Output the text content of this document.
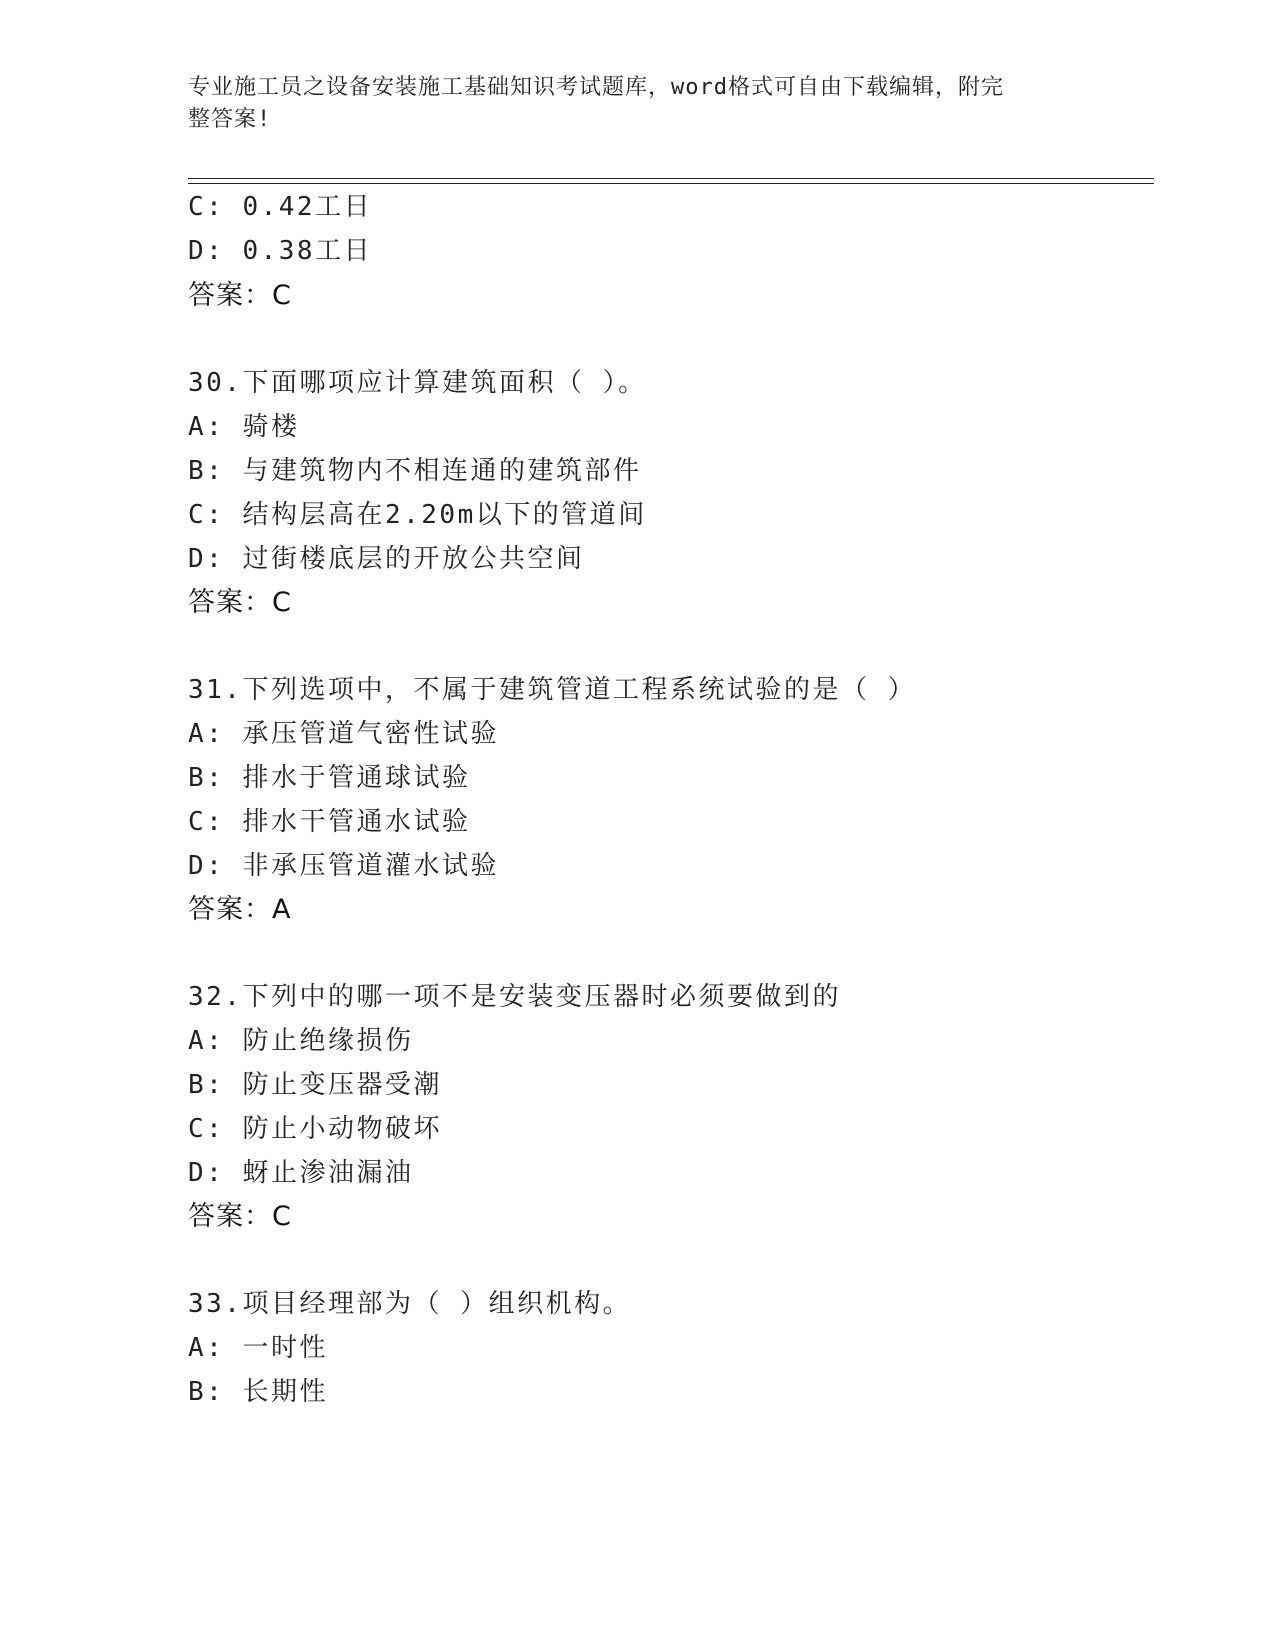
专业施工员之设备安装施工基础知识考试题库，word格式可自由下载编辑，附完
整答案!
C: 0.42工日
D: 0.38工日
答案：C
30.下面哪项应计算建筑面积（ ）。
A: 骑楼
B: 与建筑物内不相连通的建筑部件
C: 结构层高在2.20m以下的管道间
D: 过街楼底层的开放公共空间
答案：C
31.下列选项中，不属于建筑管道工程系统试验的是（ ）
A: 承压管道气密性试验
B: 排水于管通球试验
C: 排水干管通水试验
D: 非承压管道灌水试验
答案：A
32.下列中的哪一项不是安装变压器时必须要做到的
A: 防止绝缘损伤
B: 防止变压器受潮
C: 防止小动物破坏
D: 蚜止渗油漏油
答案：C
33.项目经理部为（ ）组织机构。
A: 一时性
B: 长期性
